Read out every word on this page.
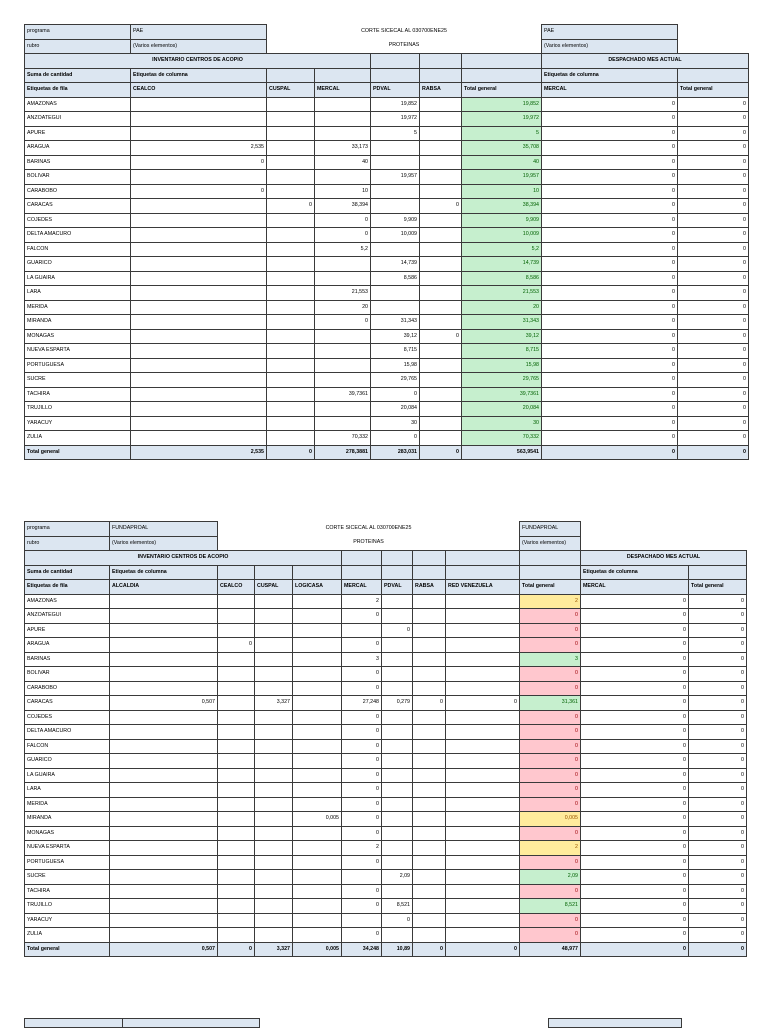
programa	PAE	CORTE SICECAL AL 030700ENE25					PAE	
rubro	(Varios elementos)	PROTEINAS					(Varios elementos)	
INVENTARIO CENTROS DE ACOPIO							DESPACHADO MES ACTUAL	
Suma de cantidad	Etiquetas de columna						Etiquetas de columna	
Etiquetas de fila	CEALCO	CUSPAL	MERCAL	PDVAL	RABSA	Total general	MERCAL	Total general
AMAZONAS				19,852		19,852	0	0
ANZOATEGUI				19,972		19,972	0	0
APURE				5		5	0	0
ARAGUA	2,535		33,173			35,708	0	0
BARINAS	0		40			40	0	0
BOLIVAR				19,957		19,957	0	0
CARABOBO	0		10			10	0	0
CARACAS		0	38,394		0	38,394	0	0
COJEDES			0	9,909		9,909	0	0
DELTA AMACURO			0	10,009		10,009	0	0
FALCON			5,2			5,2	0	0
GUARICO				14,739		14,739	0	0
LA GUAIRA				8,586		8,586	0	0
LARA			21,553			21,553	0	0
MERIDA			20			20	0	0
MIRANDA			0	31,343		31,343	0	0
MONAGAS				39,12	0	39,12	0	0
NUEVA ESPARTA				8,715		8,715	0	0
PORTUGUESA				15,98		15,98	0	0
SUCRE				29,765		29,765	0	0
TACHIRA			39,7361	0		39,7361	0	0
TRUJILLO				20,084		20,084	0	0
YARACUY				30		30	0	0
ZULIA			70,332	0		70,332	0	0
Total general	2,535	0	278,3881	283,031	0	563,9541	0	0
programa	FUNDAPROAL	CORTE SICECAL AL 030700ENE25							FUNDAPROAL		
rubro	(Varios elementos)	PROTEINAS							(Varios elementos)		
INVENTARIO CENTROS DE ACOPIO										DESPACHADO MES ACTUAL	
Suma de cantidad	Etiquetas de columna									Etiquetas de columna	
Etiquetas de fila	ALCALDIA	CEALCO	CUSPAL	LOGICASA	MERCAL	PDVAL	RABSA	RED VENEZUELA	Total general	MERCAL	Total general
AMAZONAS					2				2	0	0
ANZOATEGUI					0				0	0	0
APURE						0			0	0	0
ARAGUA		0			0				0	0	0
BARINAS					3				3	0	0
BOLIVAR					0				0	0	0
CARABOBO					0				0	0	0
CARACAS	0,507		3,327		27,248	0,279	0	0	31,361	0	0
COJEDES					0				0	0	0
DELTA AMACURO					0				0	0	0
FALCON					0				0	0	0
GUARICO					0				0	0	0
LA GUAIRA					0				0	0	0
LARA					0				0	0	0
MERIDA					0				0	0	0
MIRANDA				0,005	0				0,005	0	0
MONAGAS					0				0	0	0
NUEVA ESPARTA					2				2	0	0
PORTUGUESA					0				0	0	0
SUCRE						2,09			2,09	0	0
TACHIRA					0				0	0	0
TRUJILLO					0	8,521			8,521	0	0
YARACUY						0			0	0	0
ZULIA					0				0	0	0
Total general	0,507	0	3,327	0,005	34,248	10,89	0	0	48,977	0	0
